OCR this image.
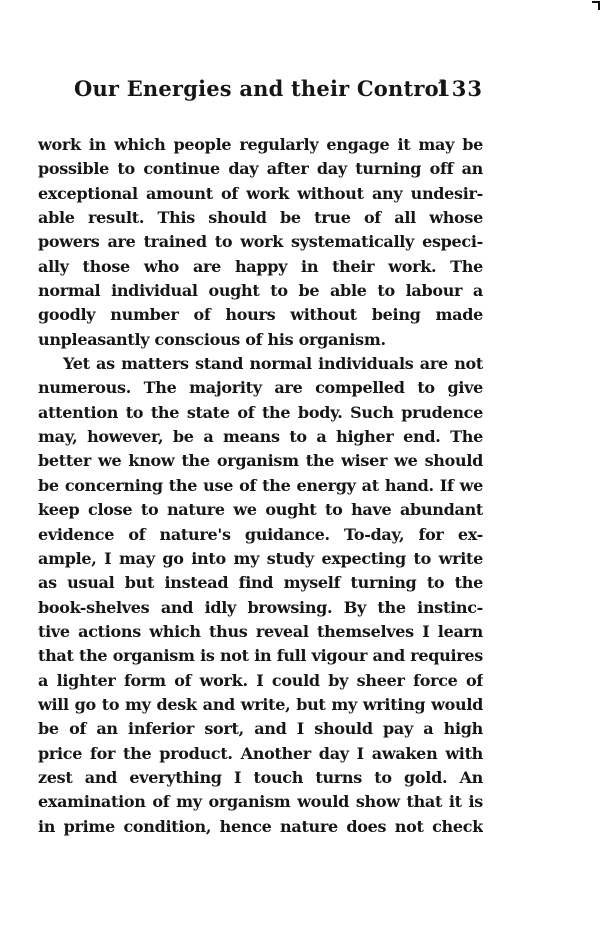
Our Energies and their Control
133
work in which people regularly engage it may be
possible to continue day after day turning off an
exceptional amount of work without any undesir-
able result. This should be true of all whose
powers are trained to work systematically especi-
ally those who are happy in their work. The
normal individual ought to be able to labour a
goodly number of hours without being made
unpleasantly conscious of his organism.
Yet as matters stand normal individuals are not
numerous. The majority are compelled to give
attention to the state of the body. Such prudence
may, however, be a means to a higher end. The
better we know the organism the wiser we should
be concerning the use of the energy at hand. If we
keep close to nature we ought to have abundant
evidence of nature's guidance. To-day, for ex-
ample, I may go into my study expecting to write
as usual but instead find myself turning to the
book-shelves and idly browsing. By the instinc-
tive actions which thus reveal themselves I learn
that the organism is not in full vigour and requires
a lighter form of work. I could by sheer force of
will go to my desk and write, but my writing would
be of an inferior sort, and I should pay a high
price for the product. Another day I awaken with
zest and everything I touch turns to gold. An
examination of my organism would show that it is
in prime condition, hence nature does not check
